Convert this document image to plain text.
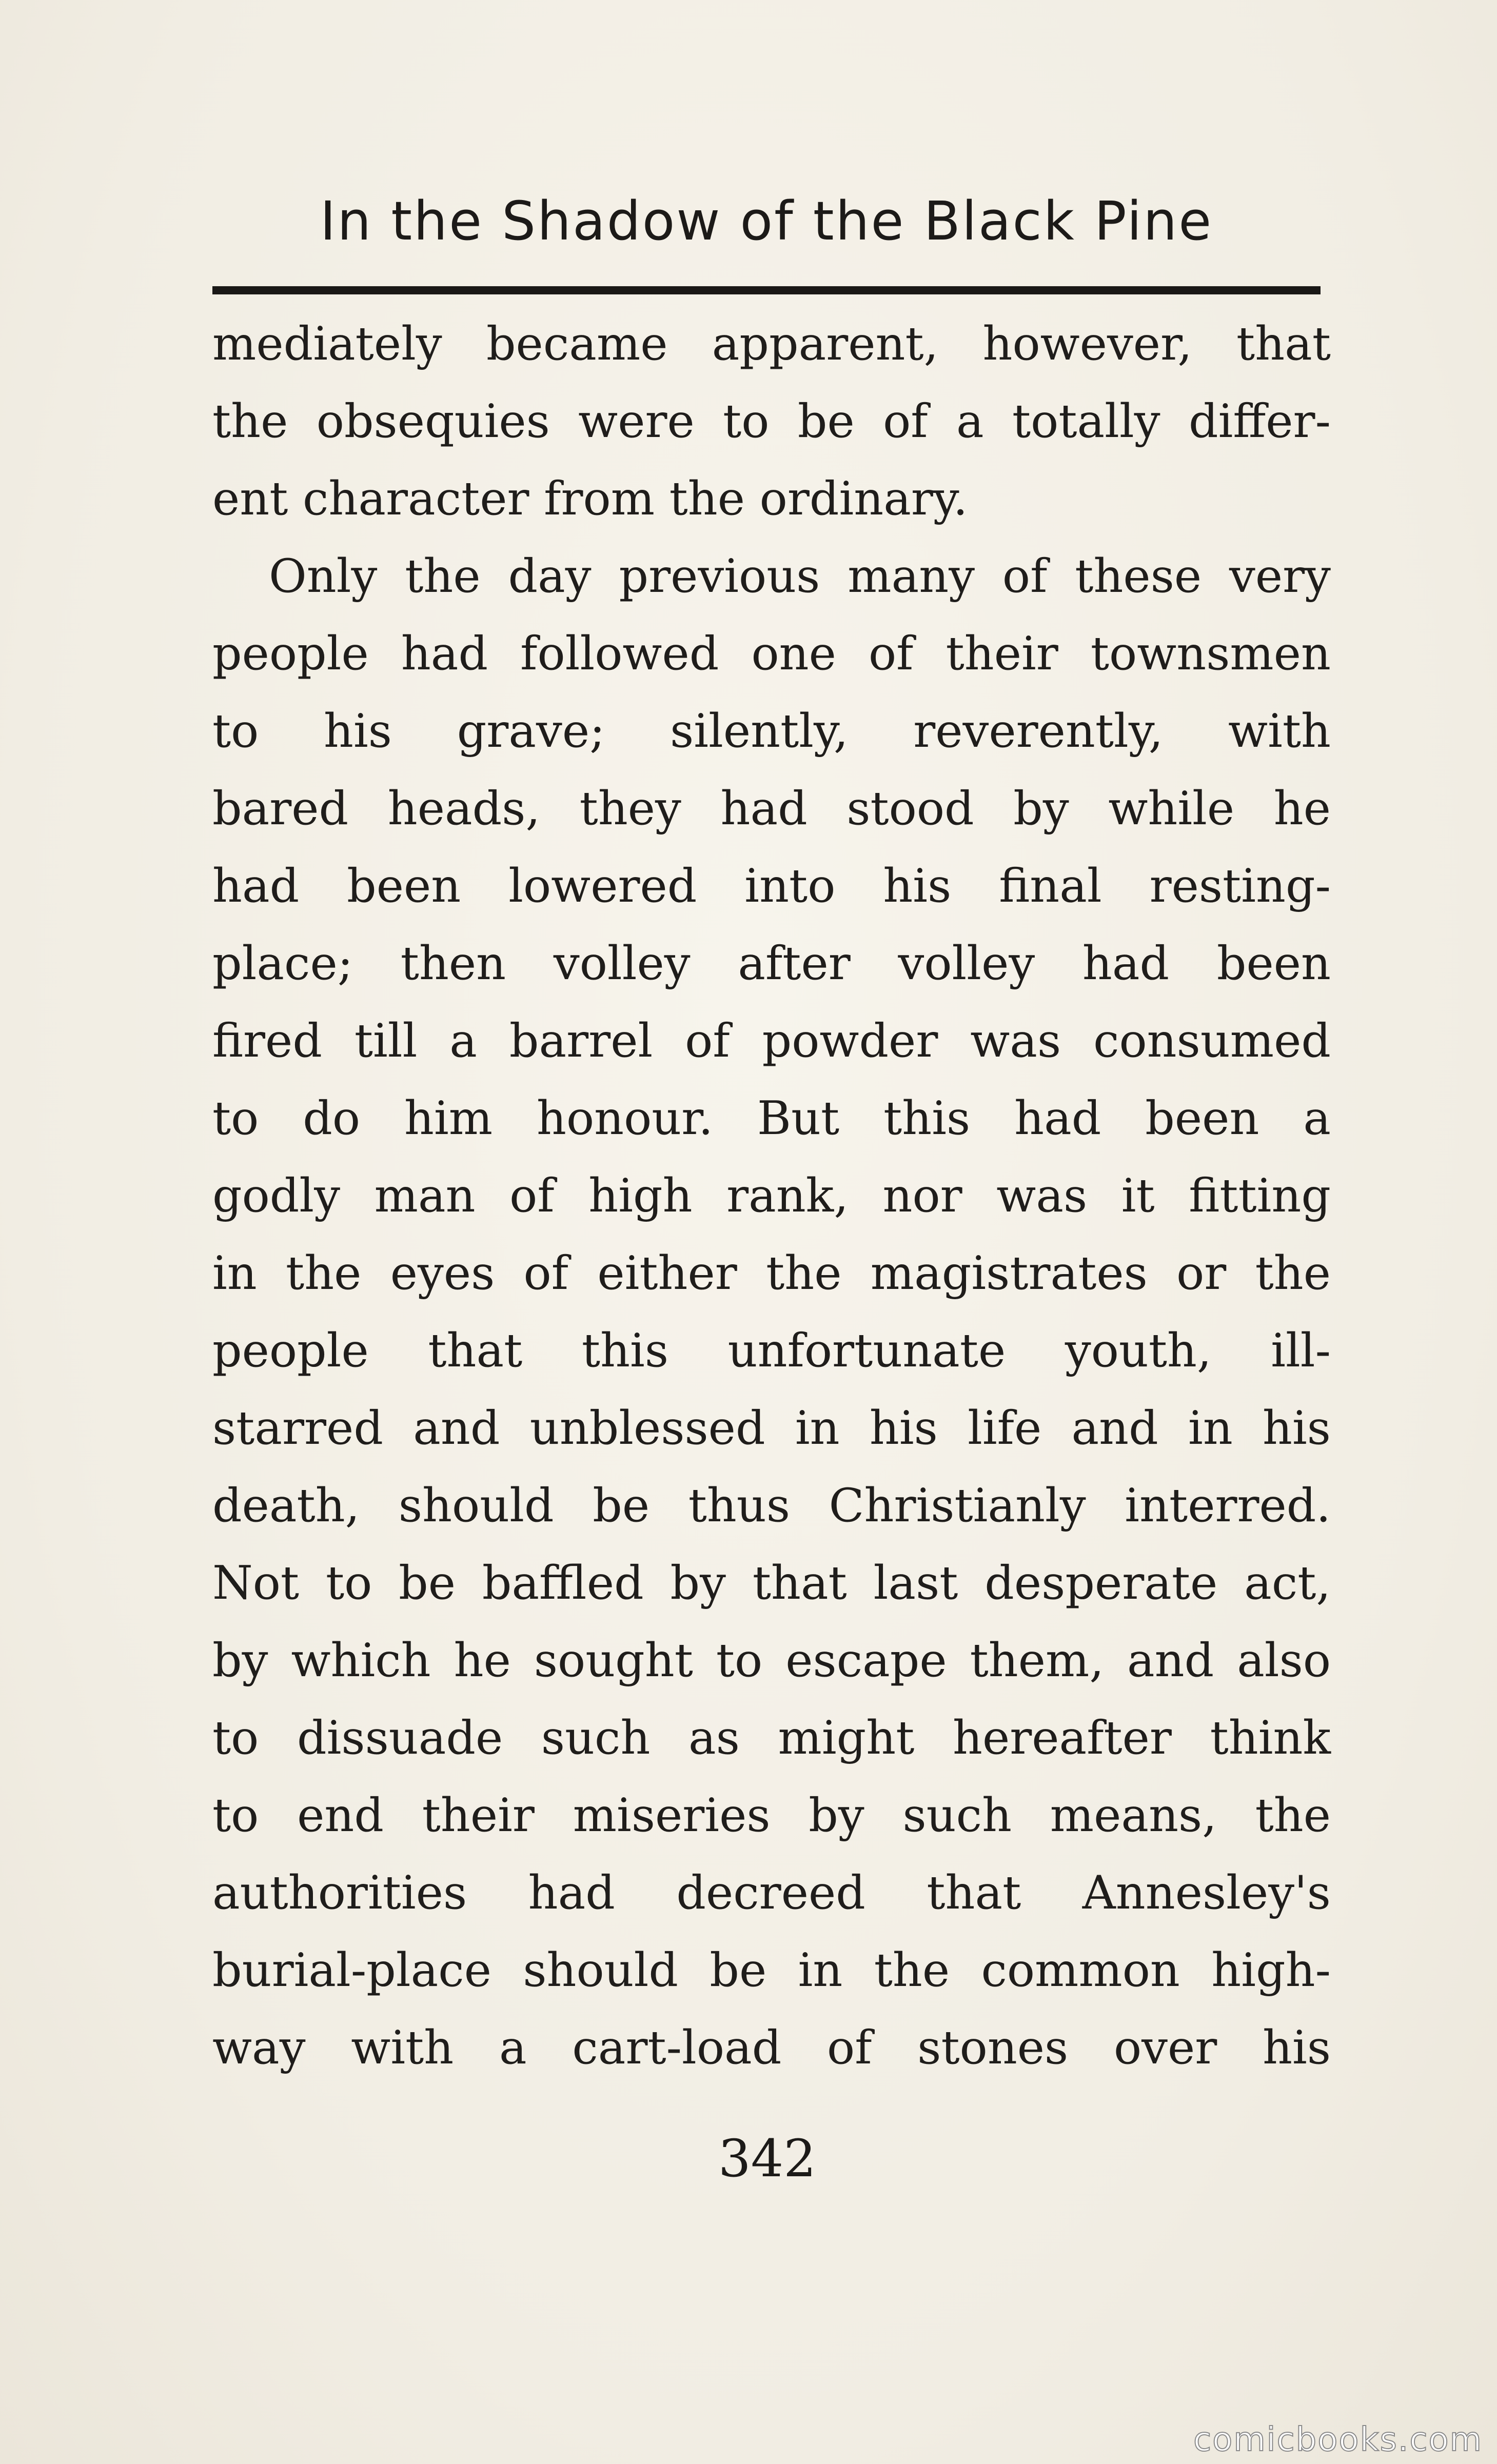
In the Shadow of the Black Pine
mediately became apparent, however, that
the obsequies were to be of a totally differ-
ent character from the ordinary.
Only the day previous many of these very
people had followed one of their townsmen
to his grave; silently, reverently, with
bared heads, they had stood by while he
had been lowered into his final resting-
place; then volley after volley had been
fired till a barrel of powder was consumed
to do him honour. But this had been a
godly man of high rank, nor was it fitting
in the eyes of either the magistrates or the
people that this unfortunate youth, ill-
starred and unblessed in his life and in his
death, should be thus Christianly interred.
Not to be baffled by that last desperate act,
by which he sought to escape them, and also
to dissuade such as might hereafter think
to end their miseries by such means, the
authorities had decreed that Annesley's
burial-place should be in the common high-
way with a cart-load of stones over his
342
comicbooks.com
